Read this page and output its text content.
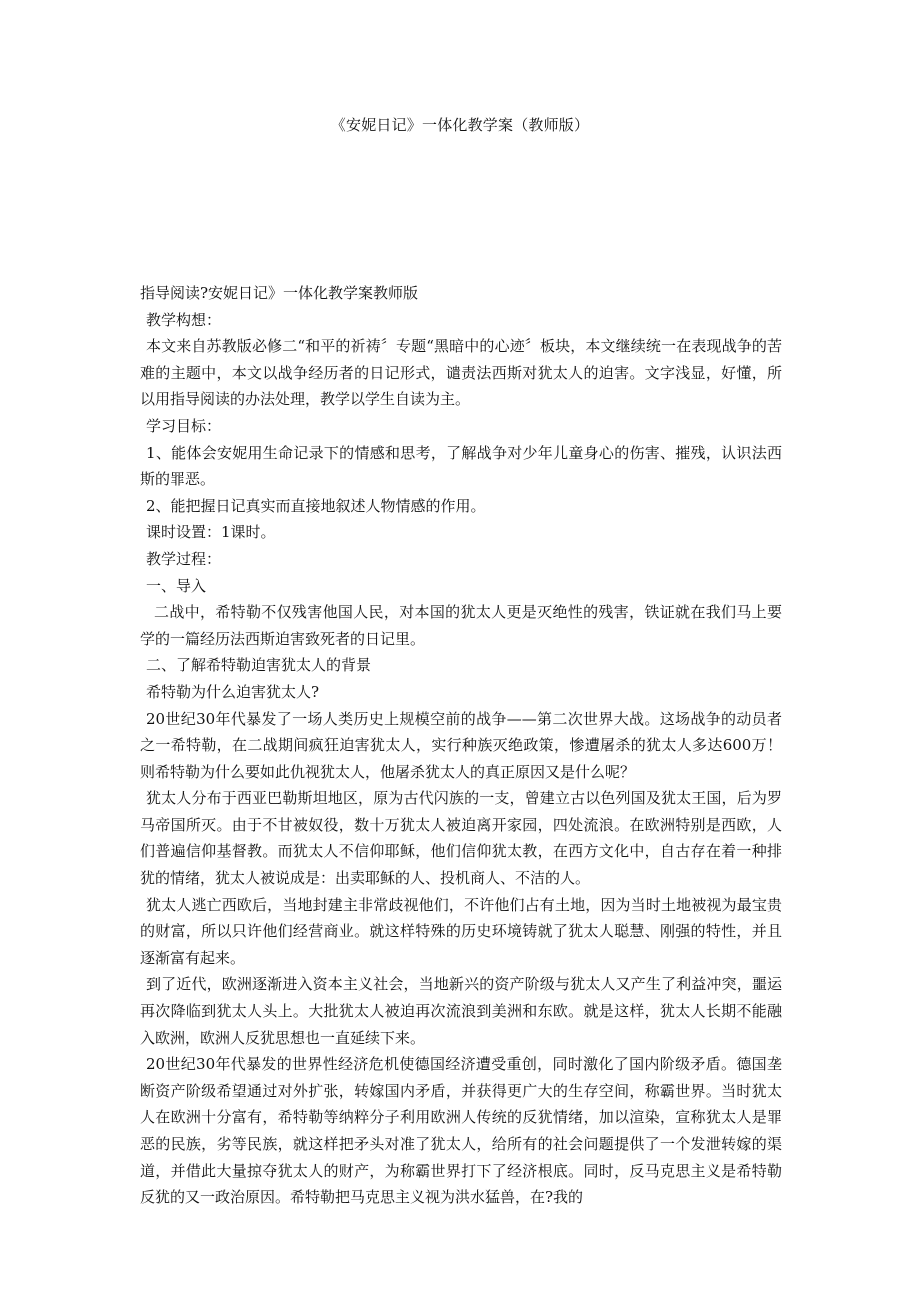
《安妮日记》一体化教学案（教师版）

指导阅读?安妮日记》一体化教学案教师版

教学构想：

本文来自苏教版必修二“和平的祈祷〞专题“黑暗中的心迹〞板块，本文继续统一在表现战争的苦难的主题中，本文以战争经历者的日记形式，谴责法西斯对犹太人的迫害。文字浅显，好懂，所以用指导阅读的办法处理，教学以学生自读为主。

学习目标：

1、能体会安妮用生命记录下的情感和思考，了解战争对少年儿童身心的伤害、摧残，认识法西斯的罪恶。

2、能把握日记真实而直接地叙述人物情感的作用。

课时设置：1课时。

教学过程：

一、导入

二战中，希特勒不仅残害他国人民，对本国的犹太人更是灭绝性的残害，铁证就在我们马上要学的一篇经历法西斯迫害致死者的日记里。

二、了解希特勒迫害犹太人的背景

希特勒为什么迫害犹太人?

20世纪30年代暴发了一场人类历史上规模空前的战争——第二次世界大战。这场战争的动员者之一希特勒，在二战期间疯狂迫害犹太人，实行种族灭绝政策，惨遭屠杀的犹太人多达600万！则希特勒为什么要如此仇视犹太人，他屠杀犹太人的真正原因又是什么呢？

犹太人分布于西亚巴勒斯坦地区，原为古代闪族的一支，曾建立古以色列国及犹太王国，后为罗马帝国所灭。由于不甘被奴役，数十万犹太人被迫离开家园，四处流浪。在欧洲特别是西欧，人们普遍信仰基督教。而犹太人不信仰耶稣，他们信仰犹太教，在西方文化中，自古存在着一种排犹的情绪，犹太人被说成是：出卖耶稣的人、投机商人、不洁的人。

犹太人逃亡西欧后，当地封建主非常歧视他们，不许他们占有土地，因为当时土地被视为最宝贵的财富，所以只许他们经营商业。就这样特殊的历史环境铸就了犹太人聪慧、刚强的特性，并且逐渐富有起来。

到了近代，欧洲逐渐进入资本主义社会，当地新兴的资产阶级与犹太人又产生了利益冲突，噩运再次降临到犹太人头上。大批犹太人被迫再次流浪到美洲和东欧。就是这样，犹太人长期不能融入欧洲，欧洲人反犹思想也一直延续下来。

20世纪30年代暴发的世界性经济危机使德国经济遭受重创，同时激化了国内阶级矛盾。德国垄断资产阶级希望通过对外扩张，转嫁国内矛盾，并获得更广大的生存空间，称霸世界。当时犹太人在欧洲十分富有，希特勒等纳粹分子利用欧洲人传统的反犹情绪，加以渲染，宣称犹太人是罪恶的民族，劣等民族，就这样把矛头对准了犹太人，给所有的社会问题提供了一个发泄转嫁的渠道，并借此大量掠夺犹太人的财产，为称霸世界打下了经济根底。同时，反马克思主义是希特勒反犹的又一政治原因。希特勒把马克思主义视为洪水猛兽，在?我的
